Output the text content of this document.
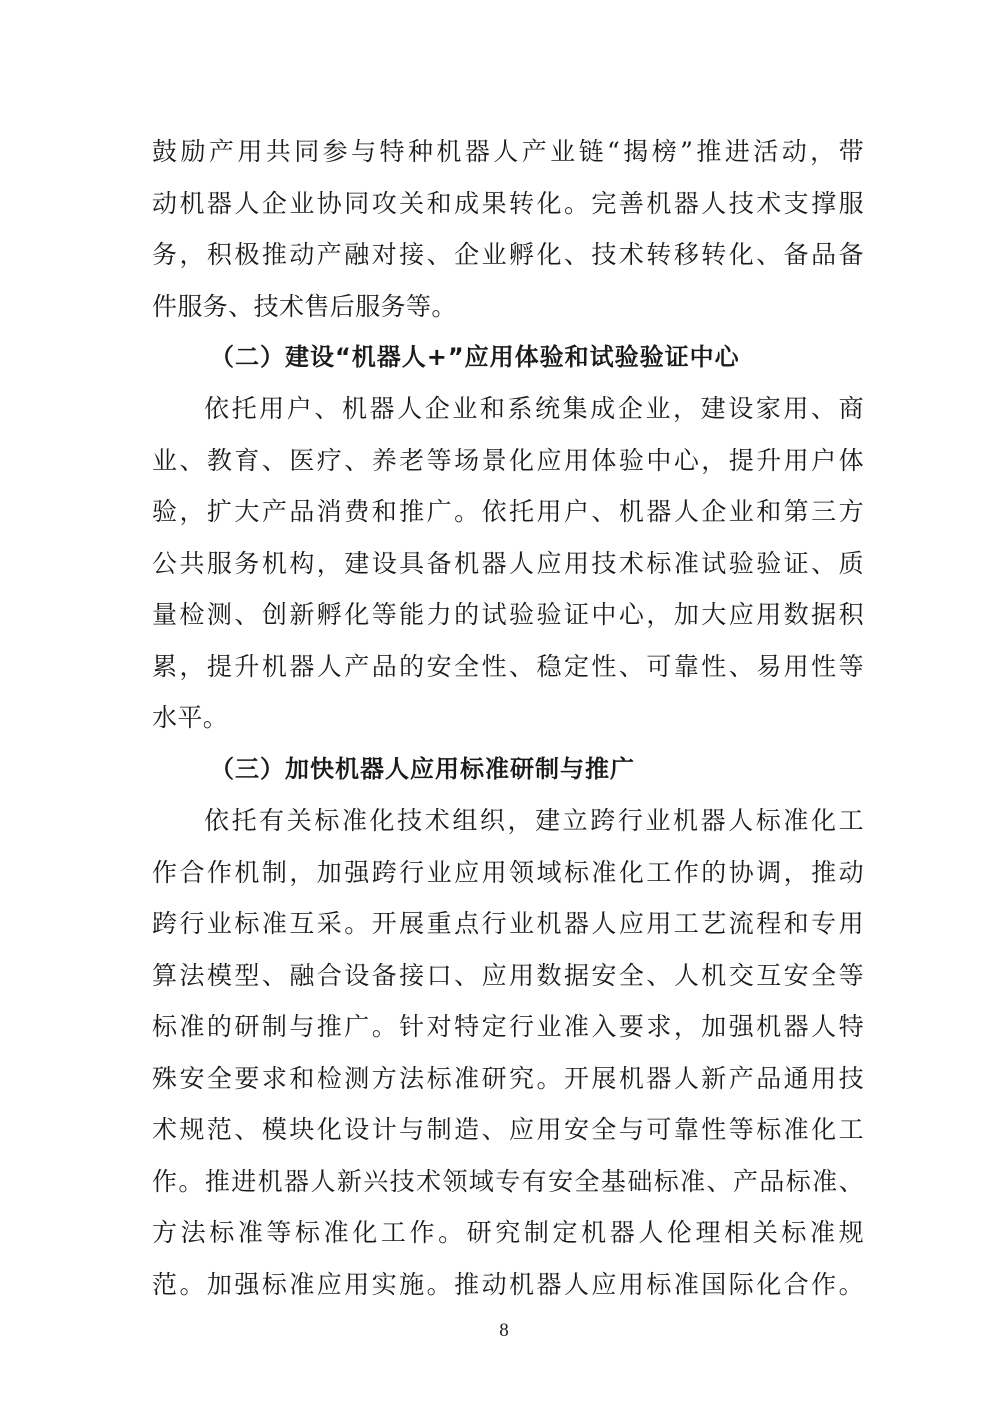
鼓励产用共同参与特种机器人产业链“揭榜”推进活动，带
动机器人企业协同攻关和成果转化。完善机器人技术支撑服
务，积极推动产融对接、企业孵化、技术转移转化、备品备
件服务、技术售后服务等。
（二）建设“机器人+”应用体验和试验验证中心
依托用户、机器人企业和系统集成企业，建设家用、商
业、教育、医疗、养老等场景化应用体验中心，提升用户体
验，扩大产品消费和推广。依托用户、机器人企业和第三方
公共服务机构，建设具备机器人应用技术标准试验验证、质
量检测、创新孵化等能力的试验验证中心，加大应用数据积
累，提升机器人产品的安全性、稳定性、可靠性、易用性等
水平。
（三）加快机器人应用标准研制与推广
依托有关标准化技术组织，建立跨行业机器人标准化工
作合作机制，加强跨行业应用领域标准化工作的协调，推动
跨行业标准互采。开展重点行业机器人应用工艺流程和专用
算法模型、融合设备接口、应用数据安全、人机交互安全等
标准的研制与推广。针对特定行业准入要求，加强机器人特
殊安全要求和检测方法标准研究。开展机器人新产品通用技
术规范、模块化设计与制造、应用安全与可靠性等标准化工
作。推进机器人新兴技术领域专有安全基础标准、产品标准、
方法标准等标准化工作。研究制定机器人伦理相关标准规
范。加强标准应用实施。推动机器人应用标准国际化合作。
8
